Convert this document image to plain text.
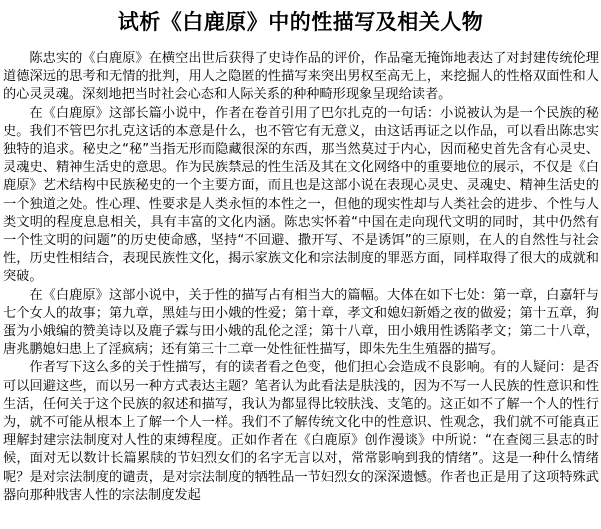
试析《白鹿原》中的性描写及相关人物

陈忠实的《白鹿原》在横空出世后获得了史诗作品的评价，作品毫无掩饰地表达了对封建传统伦理道德深远的思考和无情的批判，用人之隐匿的性描写来突出男权至高无上，来挖掘人的性格双面性和人的心灵灵魂。深刻地把当时社会心态和人际关系的种种畸形现象呈现给读者。

在《白鹿原》这部长篇小说中，作者在卷首引用了巴尔扎克的一句话：小说被认为是一个民族的秘史。我们不管巴尔扎克这话的本意是什么，也不管它有无意义，由这话再证之以作品，可以看出陈忠实独特的追求。秘史之“秘”当指无形而隐藏很深的东西，那当然莫过于内心，因而秘史首先含有心灵史、灵魂史、精神生活史的意思。作为民族禁忌的性生活及其在文化网络中的重要地位的展示，不仅是《白鹿原》艺术结构中民族秘史的一个主要方面，而且也是这部小说在表现心灵史、灵魂史、精神生活史的一个独道之处。性心理、性要求是人类永恒的本性之一，但他的现实性却与人类社会的进步、个性与人类文明的程度息息相关，具有丰富的文化内涵。陈忠实怀着“中国在走向现代文明的同时，其中仍然有一个性文明的问题”的历史使命感，坚持“不回避、撒开写、不是诱饵”的三原则，在人的自然性与社会性，历史性相结合，表现民族性文化，揭示家族文化和宗法制度的罪恶方面，同样取得了很大的成就和突破。

在《白鹿原》这部小说中，关于性的描写占有相当大的篇幅。大体在如下七处：第一章，白嘉轩与七个女人的故事；第九章，黑娃与田小娥的性爱；第十章，孝文和媳妇新婚之夜的做爱；第十五章，狗蛋为小娥编的赞美诗以及鹿子霖与田小娥的乱伦之淫；第十八章，田小娥用性诱陷孝文；第二十八章，唐兆鹏媳妇患上了淫疯病；还有第三十二章一处性征性描写，即朱先生生殖器的描写。

作者写下这么多的关于性描写，有的读者看之色变，他们担心会造成不良影响。有的人疑问：是否可以回避这些，而以另一种方式表达主题？笔者认为此看法是肤浅的，因为不写一人民族的性意识和性生活，任何关于这个民族的叙述和描写，我认为都显得比较肤浅、支笔的。这正如不了解一个人的性行为，就不可能从根本上了解一个人一样。我们不了解传统文化中的性意识、性观念，我们就不可能真正理解封建宗法制度对人性的束缚程度。正如作者在《白鹿原》创作漫谈》中所说：“在查阅三县志的时候，面对无以数计长篇累牍的节妇烈女们的名字无言以对，常常影响到我的情绪”。这是一种什么情绪呢？是对宗法制度的谴责，是对宗法制度的牺牲品一节妇烈女的深深遗憾。作者也正是用了这项特殊武器向那种戕害人性的宗法制度发起
